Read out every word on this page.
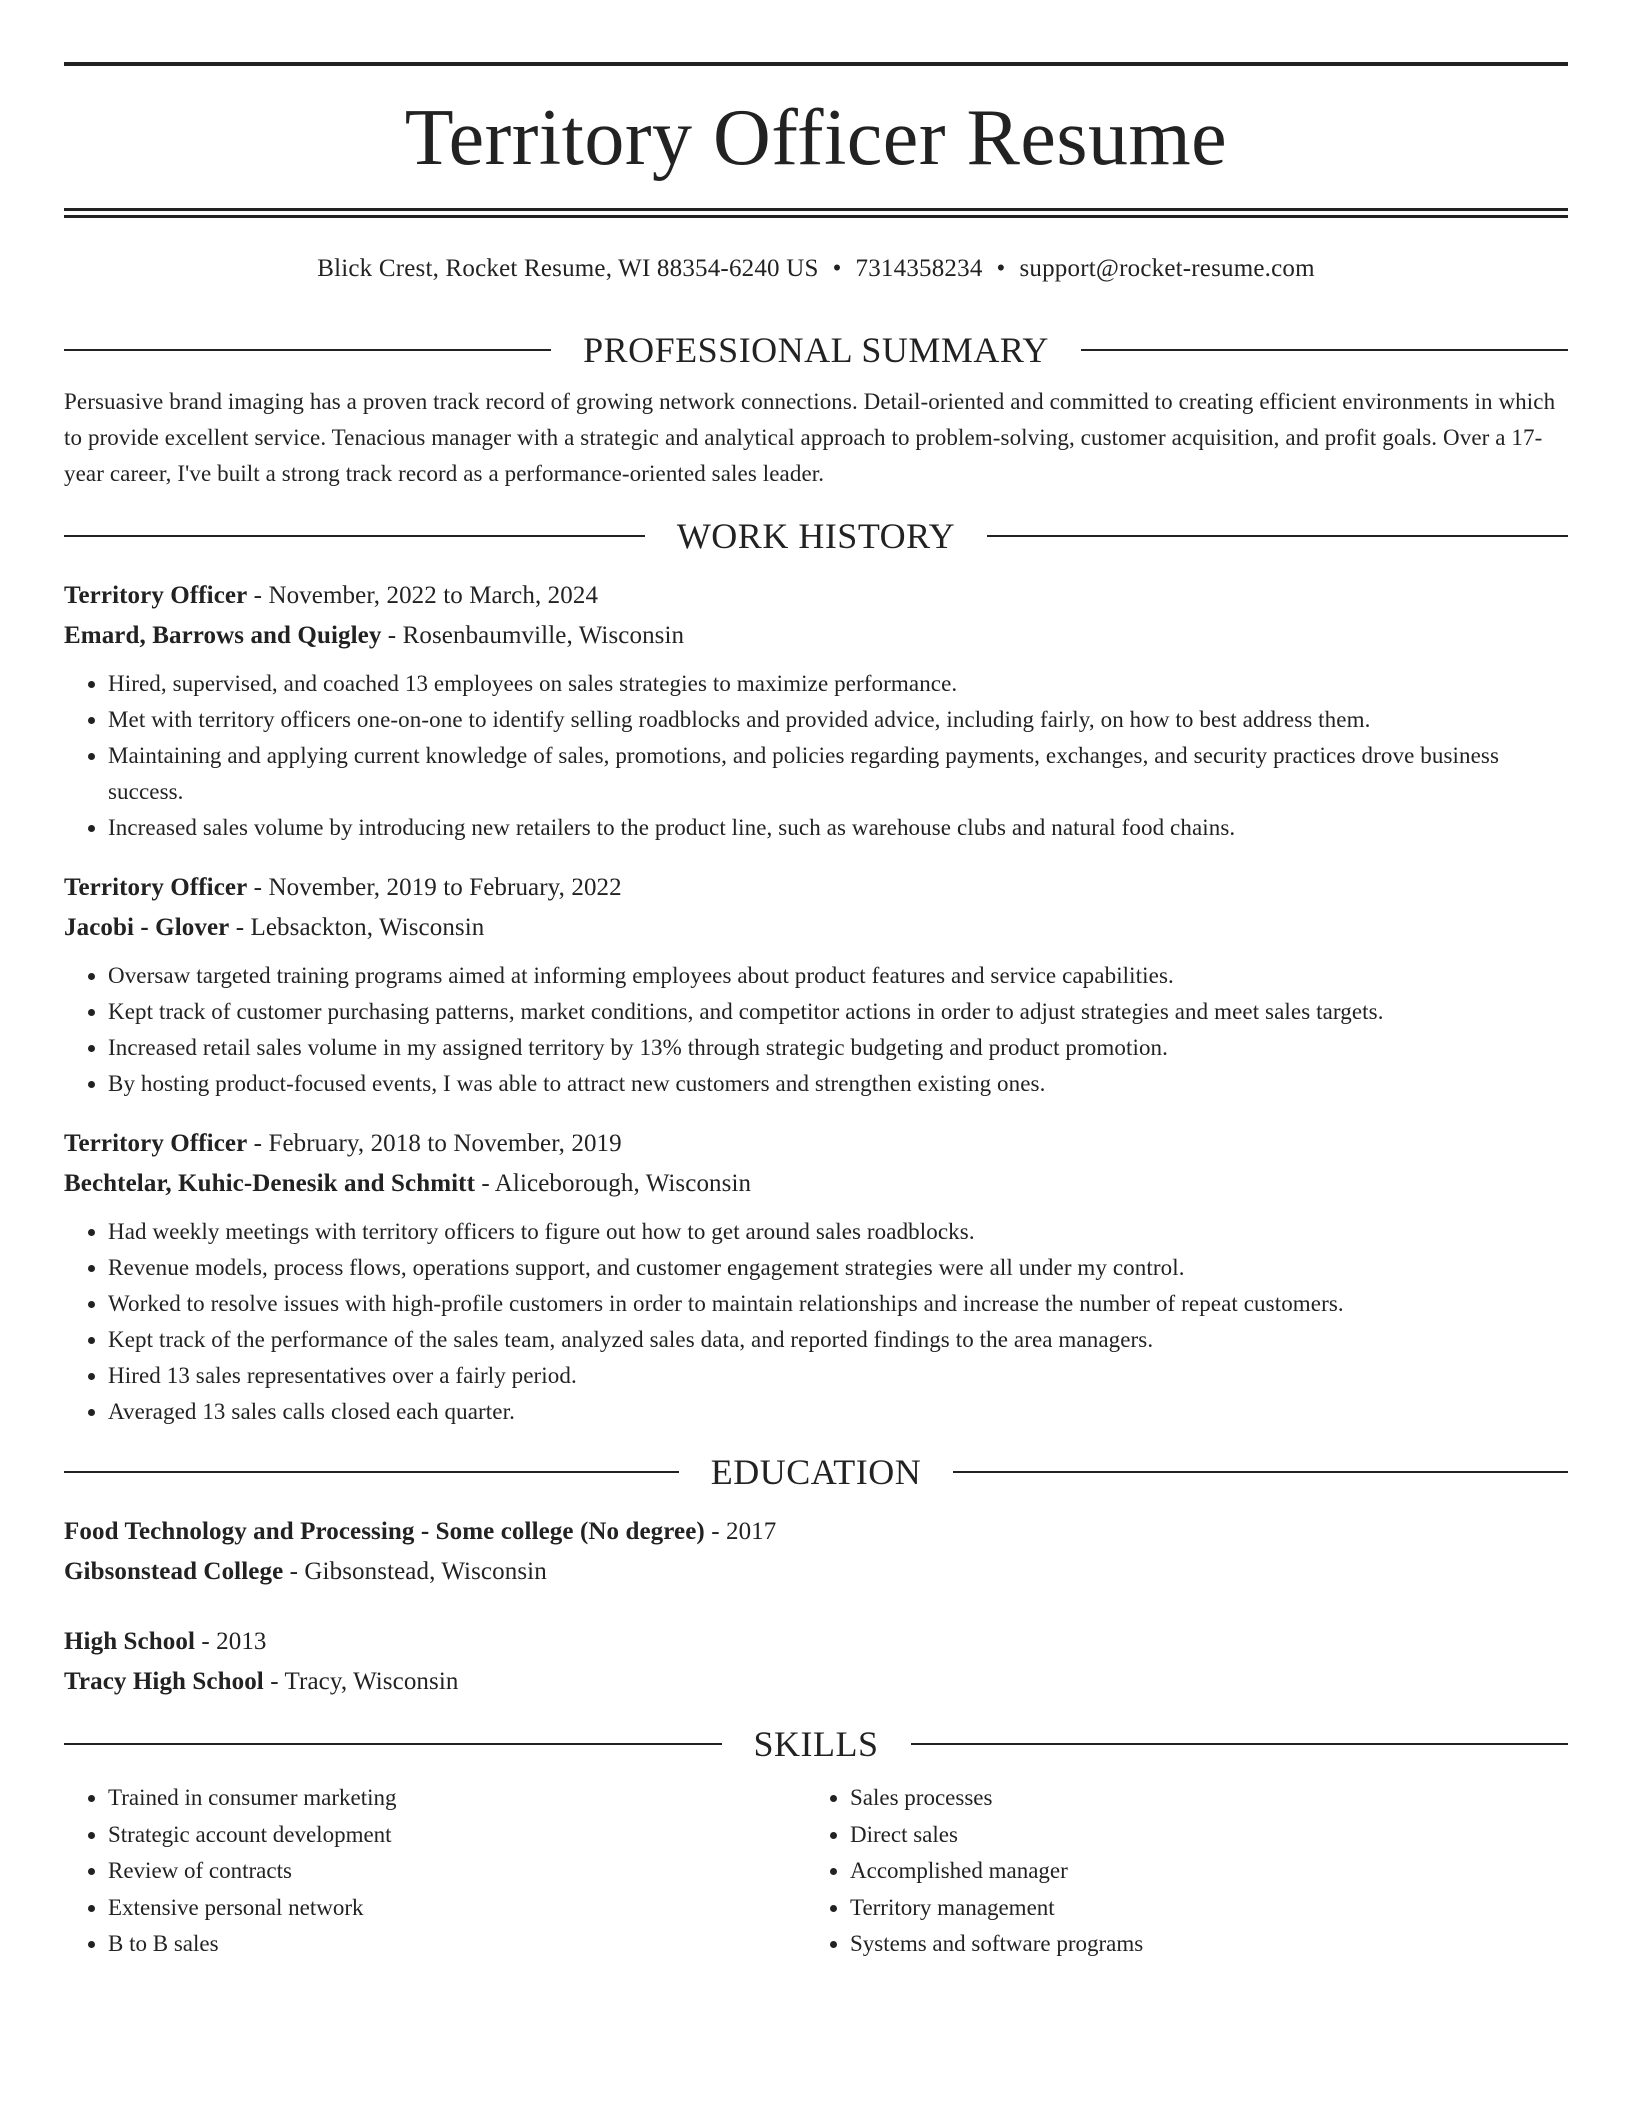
Territory Officer Resume
Blick Crest, Rocket Resume, WI 88354-6240 US • 7314358234 • support@rocket-resume.com
PROFESSIONAL SUMMARY
Persuasive brand imaging has a proven track record of growing network connections. Detail-oriented and committed to creating efficient environments in which to provide excellent service. Tenacious manager with a strategic and analytical approach to problem-solving, customer acquisition, and profit goals. Over a 17-year career, I've built a strong track record as a performance-oriented sales leader.
WORK HISTORY
Territory Officer - November, 2022 to March, 2024
Emard, Barrows and Quigley - Rosenbaumville, Wisconsin
• Hired, supervised, and coached 13 employees on sales strategies to maximize performance.
• Met with territory officers one-on-one to identify selling roadblocks and provided advice, including fairly, on how to best address them.
• Maintaining and applying current knowledge of sales, promotions, and policies regarding payments, exchanges, and security practices drove business success.
• Increased sales volume by introducing new retailers to the product line, such as warehouse clubs and natural food chains.
Territory Officer - November, 2019 to February, 2022
Jacobi - Glover - Lebsackton, Wisconsin
• Oversaw targeted training programs aimed at informing employees about product features and service capabilities.
• Kept track of customer purchasing patterns, market conditions, and competitor actions in order to adjust strategies and meet sales targets.
• Increased retail sales volume in my assigned territory by 13% through strategic budgeting and product promotion.
• By hosting product-focused events, I was able to attract new customers and strengthen existing ones.
Territory Officer - February, 2018 to November, 2019
Bechtelar, Kuhic-Denesik and Schmitt - Aliceborough, Wisconsin
• Had weekly meetings with territory officers to figure out how to get around sales roadblocks.
• Revenue models, process flows, operations support, and customer engagement strategies were all under my control.
• Worked to resolve issues with high-profile customers in order to maintain relationships and increase the number of repeat customers.
• Kept track of the performance of the sales team, analyzed sales data, and reported findings to the area managers.
• Hired 13 sales representatives over a fairly period.
• Averaged 13 sales calls closed each quarter.
EDUCATION
Food Technology and Processing - Some college (No degree) - 2017
Gibsonstead College - Gibsonstead, Wisconsin
High School - 2013
Tracy High School - Tracy, Wisconsin
SKILLS
• Trained in consumer marketing
• Strategic account development
• Review of contracts
• Extensive personal network
• B to B sales
• Sales processes
• Direct sales
• Accomplished manager
• Territory management
• Systems and software programs
